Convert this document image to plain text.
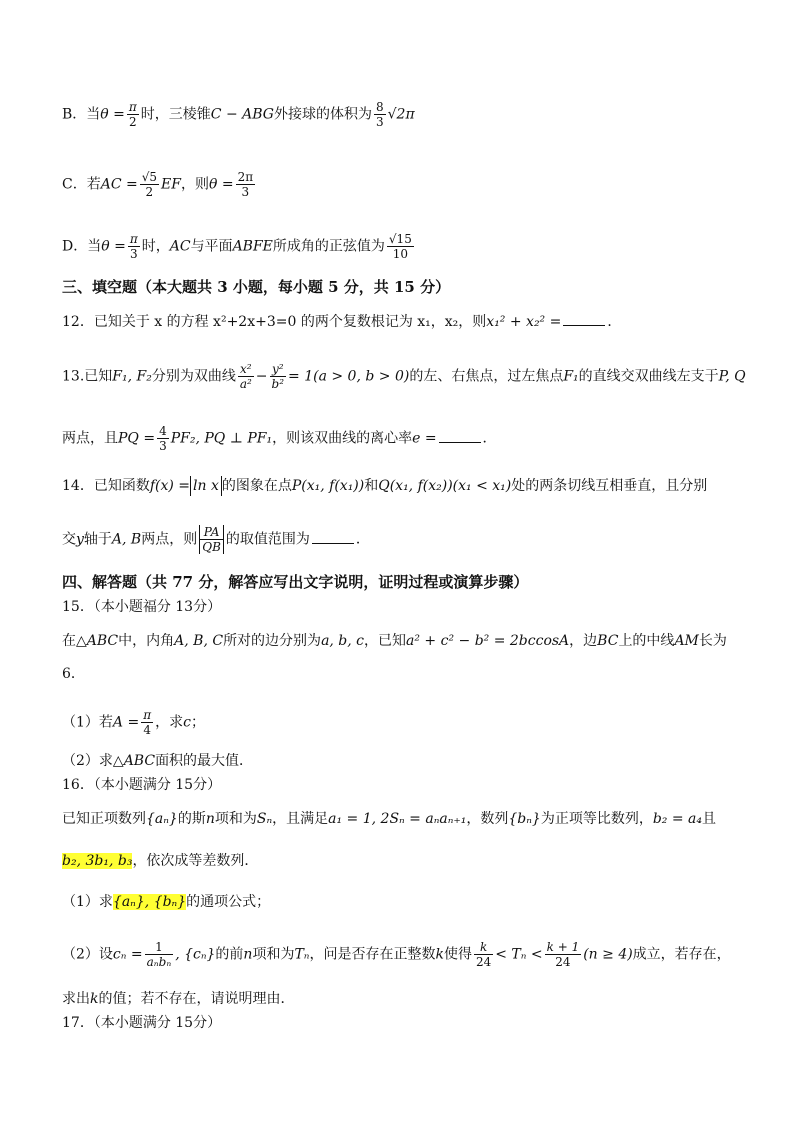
B．当$\theta = \frac{\pi}{2}$ 时，三棱锥C − ABG外接球的体积为 $\frac{8}{3} √2\pi$
C．若AC = $\frac{√5}{2}$ EF，则$\theta = \frac{2\pi}{3}$
D．当$\theta = \frac{\pi}{3}$ 时，AC与平面ABFE所成角的正弦值为 $\frac{√15}{10}$
三、填空题（本大题共 3 小题，每小题 5 分，共 15 分）
12．已知关于 x 的方程 x²+2x+3=0 的两个复数根记为 x₁，x₂，则x₁² + x₂² =	．
13.已知F₁, F₂分别为双曲线 $\frac{\text{x²}}{\text{a²}} - \frac{\text{y²}}{\text{b²}} = 1(a > 0$, b > 0)的左、右焦点，过左焦点F₁的直线交双曲线左支于P, Q
两点，且PQ = $\frac{4}{3} PF_2$, PQ ⊥ PF₁，则该双曲线的离心率e =	．
14．已知函数f(x) = ln x 的图象在点P(x₁, f(x₁))和Q(x₁, f(x₂))(x₁ < x₁)处的两条切线互相垂直，且分别
交y轴于A, B两点，则 $\frac{PA}{QB}$ 的取值范围为	．
四、解答题（共 77 分，解答应写出文字说明，证明过程或演算步骤）
15．（本小题福分 13分）
在△ABC中，内角A, B, C所对的边分别为a, b, c，已知a² + c² − b² = 2bccosA，边BC上的中线AM长为
6．
（1）若$A = \frac{\pi}{4}$ ，求c；
（2）求△ABC面积的最大值．
16．（本小题满分 15分）
已知正项数列{aₙ}的斯n项和为Sₙ，且满足a₁ = 1, 2Sₙ = aₙaₙ₊₁，数列{bₙ}为正项等比数列，b₂ = a₄且
b₂, 3b₁, b₃，依次成等差数列．
（1）求{aₙ}, {bₙ}的通项公式；
（2）设$c_n = \frac{1}{\text{aₙbₙ}}$ , {cₙ}的前n项和为Tₙ，问是否存在正整数k使得 $\frac{k}{24} < T_n < \frac{k + 1}{24} (n \ge 4)$成立，若存在，
求出k的值；若不存在，请说明理由．
17．（本小题满分 15分）
